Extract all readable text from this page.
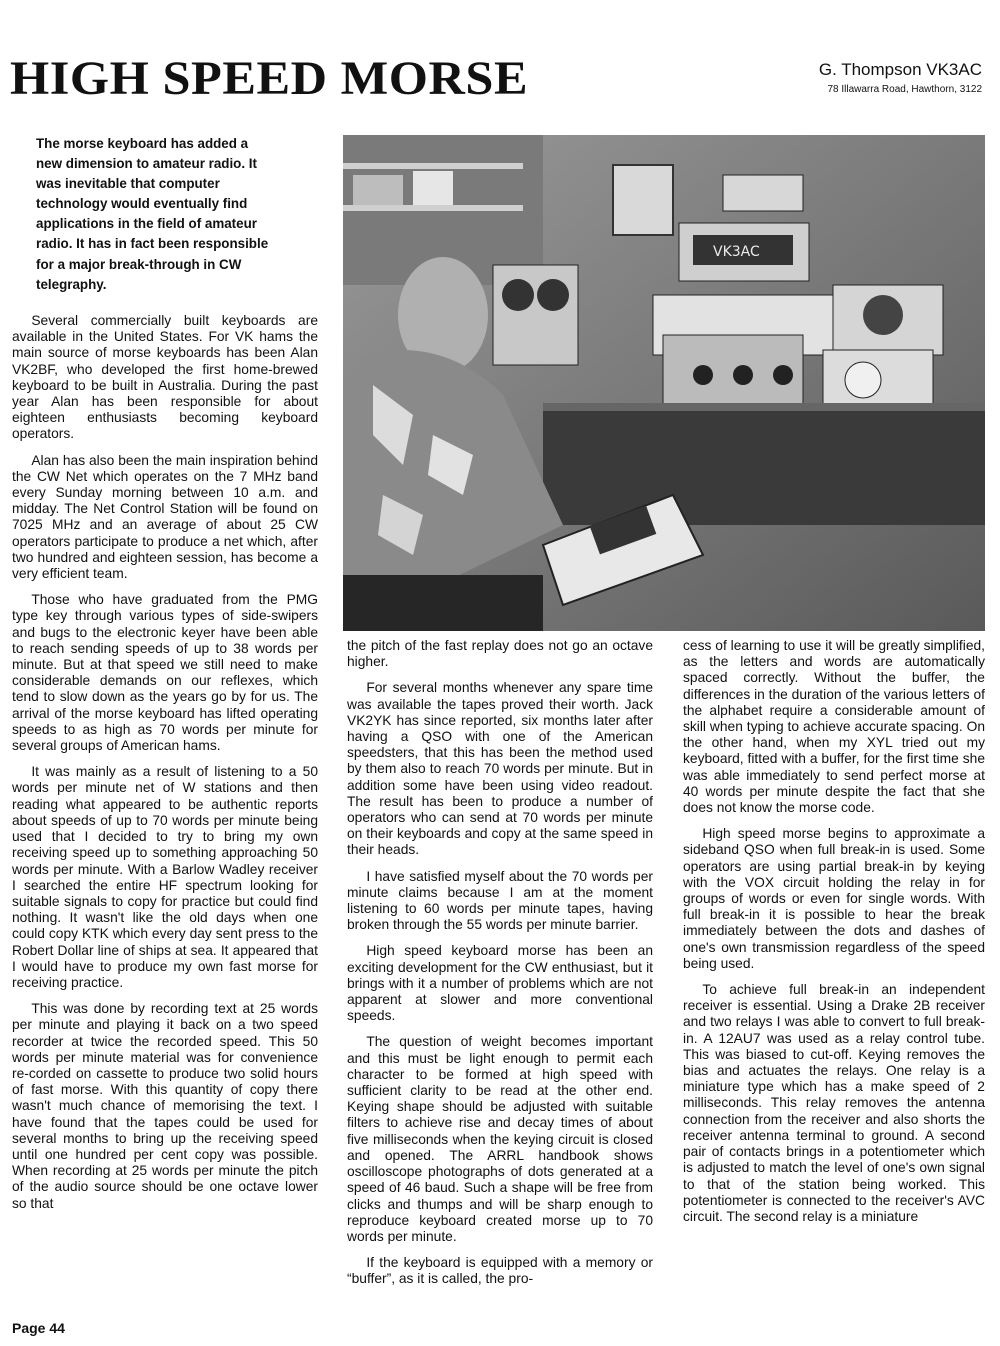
HIGH SPEED MORSE	G. Thompson VK3AC
78 Illawarra Road, Hawthorn, 3122
The morse keyboard has added a new dimension to amateur radio. It was inevitable that computer technology would eventually find applications in the field of amateur radio. It has in fact been responsible for a major break-through in CW telegraphy.
VK3AC

Several commercially built keyboards are available in the United States. For VK hams the main source of morse keyboards has been Alan VK2BF, who developed the first home-brewed keyboard to be built in Australia. During the past year Alan has been responsible for about eighteen enthusiasts becoming keyboard operators.

Alan has also been the main inspiration behind the CW Net which operates on the 7 MHz band every Sunday morning between 10 a.m. and midday. The Net Control Station will be found on 7025 MHz and an average of about 25 CW operators participate to produce a net which, after two hundred and eighteen session, has become a very efficient team.

Those who have graduated from the PMG type key through various types of side-swipers and bugs to the electronic keyer have been able to reach sending speeds of up to 38 words per minute. But at that speed we still need to make considerable demands on our reflexes, which tend to slow down as the years go by for us. The arrival of the morse keyboard has lifted operating speeds to as high as 70 words per minute for several groups of American hams.

It was mainly as a result of listening to a 50 words per minute net of W stations and then reading what appeared to be authentic reports about speeds of up to 70 words per minute being used that I decided to try to bring my own receiving speed up to something approaching 50 words per minute. With a Barlow Wadley receiver I searched the entire HF spectrum looking for suitable signals to copy for practice but could find nothing. It wasn't like the old days when one could copy KTK which every day sent press to the Robert Dollar line of ships at sea. It appeared that I would have to produce my own fast morse for receiving practice.

This was done by recording text at 25 words per minute and playing it back on a two speed recorder at twice the recorded speed. This 50 words per minute material was for convenience re-corded on cassette to produce two solid hours of fast morse. With this quantity of copy there wasn't much chance of memorising the text. I have found that the tapes could be used for several months to bring up the receiving speed until one hundred per cent copy was possible. When recording at 25 words per minute the pitch of the audio source should be one octave lower so that

the pitch of the fast replay does not go an octave higher.

For several months whenever any spare time was available the tapes proved their worth. Jack VK2YK has since reported, six months later after having a QSO with one of the American speedsters, that this has been the method used by them also to reach 70 words per minute. But in addition some have been using video readout. The result has been to produce a number of operators who can send at 70 words per minute on their keyboards and copy at the same speed in their heads.

I have satisfied myself about the 70 words per minute claims because I am at the moment listening to 60 words per minute tapes, having broken through the 55 words per minute barrier.

High speed keyboard morse has been an exciting development for the CW enthusiast, but it brings with it a number of problems which are not apparent at slower and more conventional speeds.

The question of weight becomes important and this must be light enough to permit each character to be formed at high speed with sufficient clarity to be read at the other end. Keying shape should be adjusted with suitable filters to achieve rise and decay times of about five milliseconds when the keying circuit is closed and opened. The ARRL handbook shows oscilloscope photographs of dots generated at a speed of 46 baud. Such a shape will be free from clicks and thumps and will be sharp enough to reproduce keyboard created morse up to 70 words per minute.

If the keyboard is equipped with a memory or “buffer”, as it is called, the pro-

cess of learning to use it will be greatly simplified, as the letters and words are automatically spaced correctly. Without the buffer, the differences in the duration of the various letters of the alphabet require a considerable amount of skill when typing to achieve accurate spacing. On the other hand, when my XYL tried out my keyboard, fitted with a buffer, for the first time she was able immediately to send perfect morse at 40 words per minute despite the fact that she does not know the morse code.

High speed morse begins to approximate a sideband QSO when full break-in is used. Some operators are using partial break-in by keying with the VOX circuit holding the relay in for groups of words or even for single words. With full break-in it is possible to hear the break immediately between the dots and dashes of one's own transmission regardless of the speed being used.

To achieve full break-in an independent receiver is essential. Using a Drake 2B receiver and two relays I was able to convert to full break-in. A 12AU7 was used as a relay control tube. This was biased to cut-off. Keying removes the bias and actuates the relays. One relay is a miniature type which has a make speed of 2 milliseconds. This relay removes the antenna connection from the receiver and also shorts the receiver antenna terminal to ground. A second pair of contacts brings in a potentiometer which is adjusted to match the level of one's own signal to that of the station being worked. This potentiometer is connected to the receiver's AVC circuit. The second relay is a miniature

Page 44
